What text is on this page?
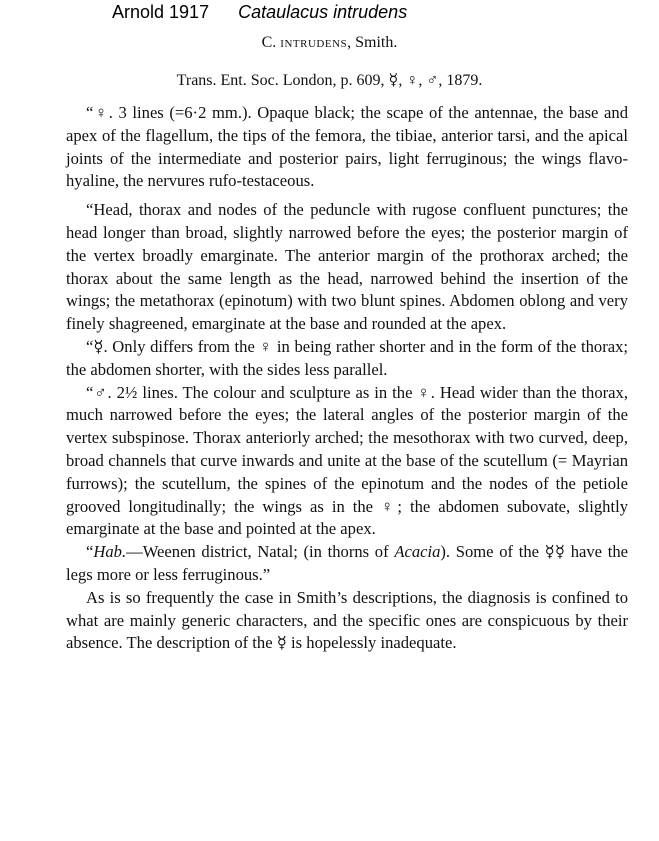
Arnold 1917 Cataulacus intrudens
C. intrudens, Smith.
Trans. Ent. Soc. London, p. 609, ☿, ♀, ♂, 1879.

“♀. 3 lines (=6·2 mm.). Opaque black; the scape of the antennae, the base and apex of the flagellum, the tips of the femora, the tibiae, anterior tarsi, and the apical joints of the intermediate and posterior pairs, light ferruginous; the wings flavo-hyaline, the nervures rufo-testaceous.

“Head, thorax and nodes of the peduncle with rugose confluent punctures; the head longer than broad, slightly narrowed before the eyes; the posterior margin of the vertex broadly emarginate. The anterior margin of the prothorax arched; the thorax about the same length as the head, narrowed behind the insertion of the wings; the metathorax (epinotum) with two blunt spines. Abdomen oblong and very finely shagreened, emarginate at the base and rounded at the apex.

“☿. Only differs from the ♀ in being rather shorter and in the form of the thorax; the abdomen shorter, with the sides less parallel.

“♂. 2½ lines. The colour and sculpture as in the ♀. Head wider than the thorax, much narrowed before the eyes; the lateral angles of the posterior margin of the vertex subspinose. Thorax anteriorly arched; the mesothorax with two curved, deep, broad channels that curve inwards and unite at the base of the scutellum (= Mayrian furrows); the scutellum, the spines of the epinotum and the nodes of the petiole grooved longitudinally; the wings as in the ♀; the abdomen subovate, slightly emarginate at the base and pointed at the apex.

“Hab.—Weenen district, Natal; (in thorns of Acacia). Some of the ☿☿ have the legs more or less ferruginous.”

As is so frequently the case in Smith’s descriptions, the diagnosis is confined to what are mainly generic characters, and the specific ones are conspicuous by their absence. The description of the ☿ is hopelessly inadequate.
